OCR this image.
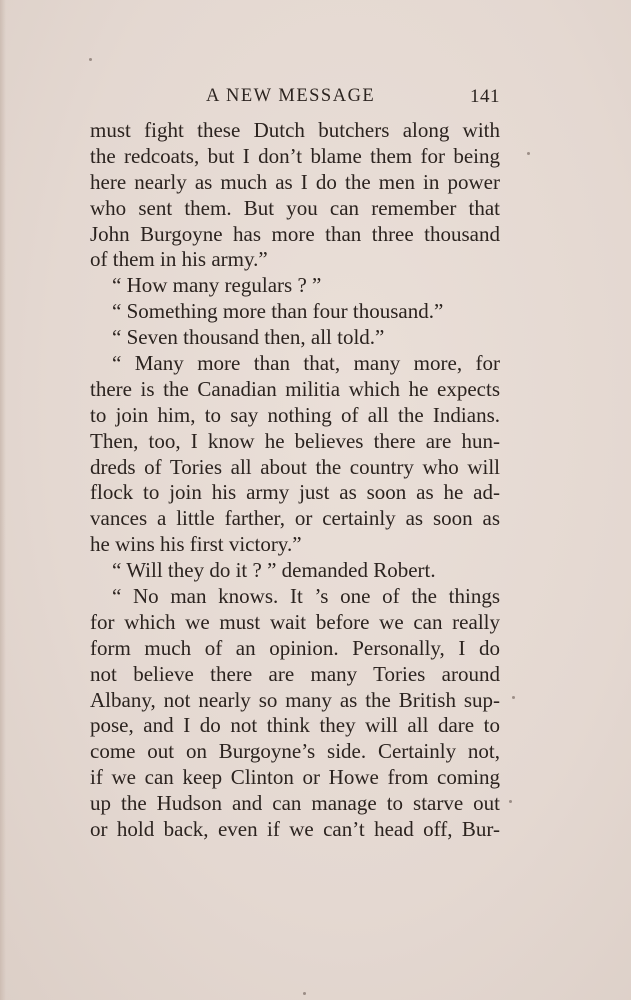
A NEW MESSAGE	141
must fight these Dutch butchers along with
the redcoats, but I don’t blame them for being
here nearly as much as I do the men in power
who sent them. But you can remember that
John Burgoyne has more than three thousand
of them in his army.”
“ How many regulars ? ”
“ Something more than four thousand.”
“ Seven thousand then, all told.”
“ Many more than that, many more, for
there is the Canadian militia which he expects
to join him, to say nothing of all the Indians.
Then, too, I know he believes there are hun-
dreds of Tories all about the country who will
flock to join his army just as soon as he ad-
vances a little farther, or certainly as soon as
he wins his first victory.”
“ Will they do it ? ” demanded Robert.
“ No man knows. It ’s one of the things
for which we must wait before we can really
form much of an opinion. Personally, I do
not believe there are many Tories around
Albany, not nearly so many as the British sup-
pose, and I do not think they will all dare to
come out on Burgoyne’s side. Certainly not,
if we can keep Clinton or Howe from coming
up the Hudson and can manage to starve out
or hold back, even if we can’t head off, Bur-
